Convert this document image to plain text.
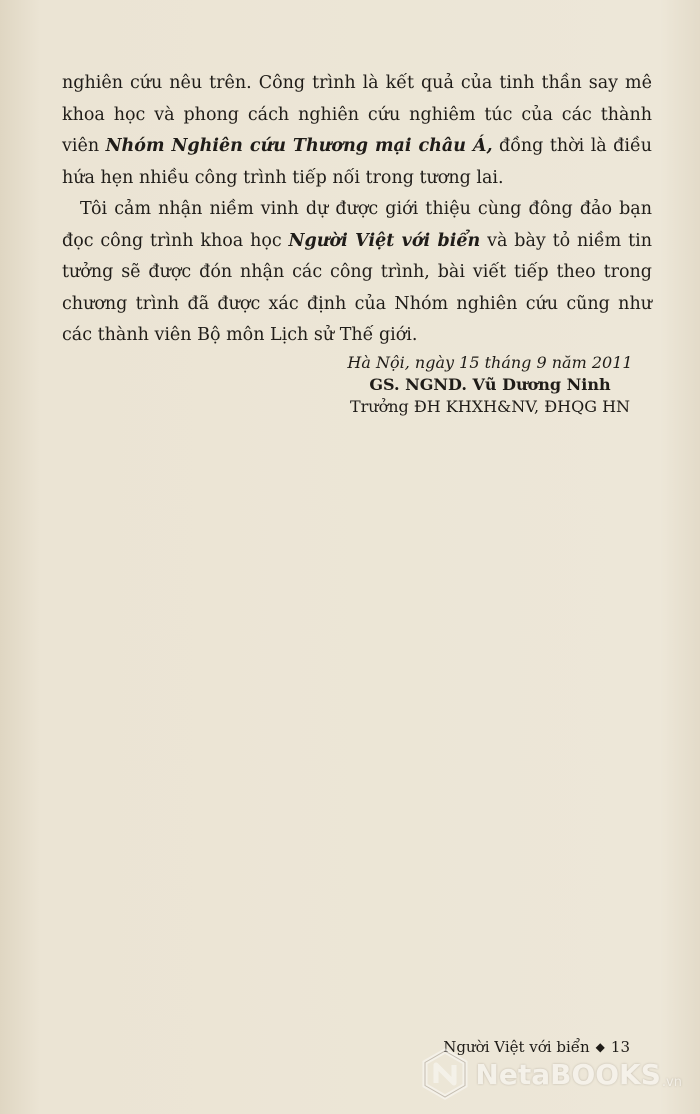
nghiên cứu nêu trên. Công trình là kết quả của tinh thần say mê khoa học và phong cách nghiên cứu nghiêm túc của các thành viên Nhóm Nghiên cứu Thương mại châu Á, đồng thời là điều hứa hẹn nhiều công trình tiếp nối trong tương lai.

Tôi cảm nhận niềm vinh dự được giới thiệu cùng đông đảo bạn đọc công trình khoa học Người Việt với biển và bày tỏ niềm tin tưởng sẽ được đón nhận các công trình, bài viết tiếp theo trong chương trình đã được xác định của Nhóm nghiên cứu cũng như các thành viên Bộ môn Lịch sử Thế giới.

Hà Nội, ngày 15 tháng 9 năm 2011
GS. NGND. Vũ Dương Ninh
Trưởng ĐH KHXH&NV, ĐHQG HN
Người Việt với biển ◆ 13
NetaBOOKS .vn
